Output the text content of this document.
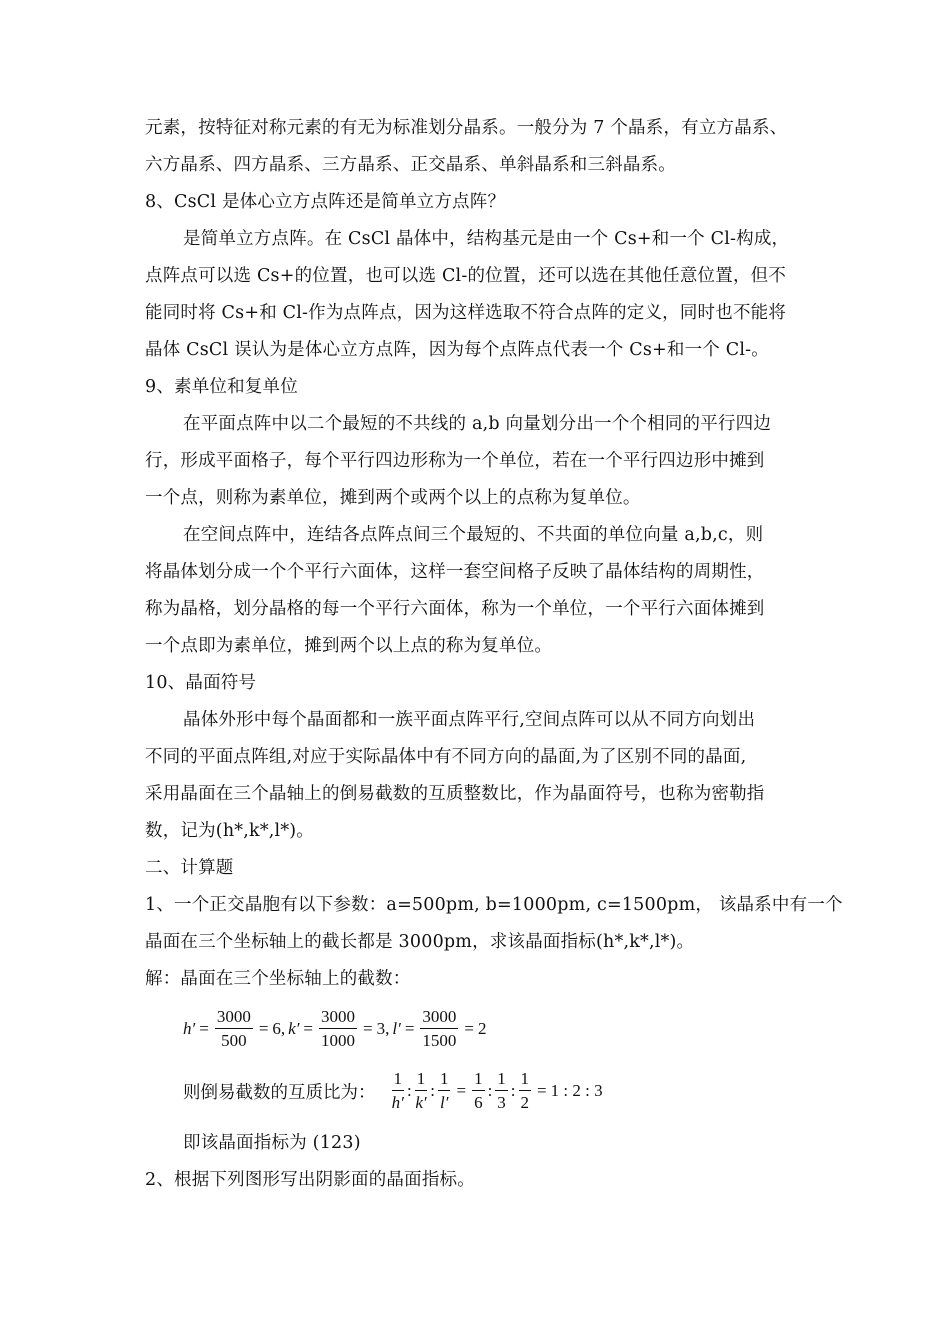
元素，按特征对称元素的有无为标准划分晶系。一般分为 7 个晶系，有立方晶系、
六方晶系、四方晶系、三方晶系、正交晶系、单斜晶系和三斜晶系。
8、CsCl 是体心立方点阵还是简单立方点阵？
是简单立方点阵。在 CsCl 晶体中，结构基元是由一个 Cs+和一个 Cl-构成，
点阵点可以选 Cs+的位置，也可以选 Cl-的位置，还可以选在其他任意位置，但不
能同时将 Cs+和 Cl-作为点阵点，因为这样选取不符合点阵的定义，同时也不能将
晶体 CsCl 误认为是体心立方点阵，因为每个点阵点代表一个 Cs+和一个 Cl-。
9、素单位和复单位
在平面点阵中以二个最短的不共线的 a,b 向量划分出一个个相同的平行四边
行，形成平面格子，每个平行四边形称为一个单位，若在一个平行四边形中摊到
一个点，则称为素单位，摊到两个或两个以上的点称为复单位。
在空间点阵中，连结各点阵点间三个最短的、不共面的单位向量 a,b,c，则
将晶体划分成一个个平行六面体，这样一套空间格子反映了晶体结构的周期性，
称为晶格，划分晶格的每一个平行六面体，称为一个单位，一个平行六面体摊到
一个点即为素单位，摊到两个以上点的称为复单位。
10、晶面符号
晶体外形中每个晶面都和一族平面点阵平行,空间点阵可以从不同方向划出
不同的平面点阵组,对应于实际晶体中有不同方向的晶面,为了区别不同的晶面,
采用晶面在三个晶轴上的倒易截数的互质整数比，作为晶面符号，也称为密勒指
数，记为(h*,k*,l*)。
二、计算题
1、一个正交晶胞有以下参数：a=500pm, b=1000pm, c=1500pm， 该晶系中有一个
晶面在三个坐标轴上的截长都是 3000pm，求该晶面指标(h*,k*,l*)。
解：晶面在三个坐标轴上的截数：
$h' = \frac{3000}{500} = 6$, $k' = \frac{3000}{1000} = 3$, $l' = \frac{3000}{1500} = 2$
则倒易截数的互质比为： $\frac{1}{h'}$ : $\frac{1}{k'}$ : $\frac{1}{l'} = \frac{1}{6}$ : $\frac{1}{3}$ : $\frac{1}{2} = 1$ : 2 : 3
即该晶面指标为 (123)
2、根据下列图形写出阴影面的晶面指标。
